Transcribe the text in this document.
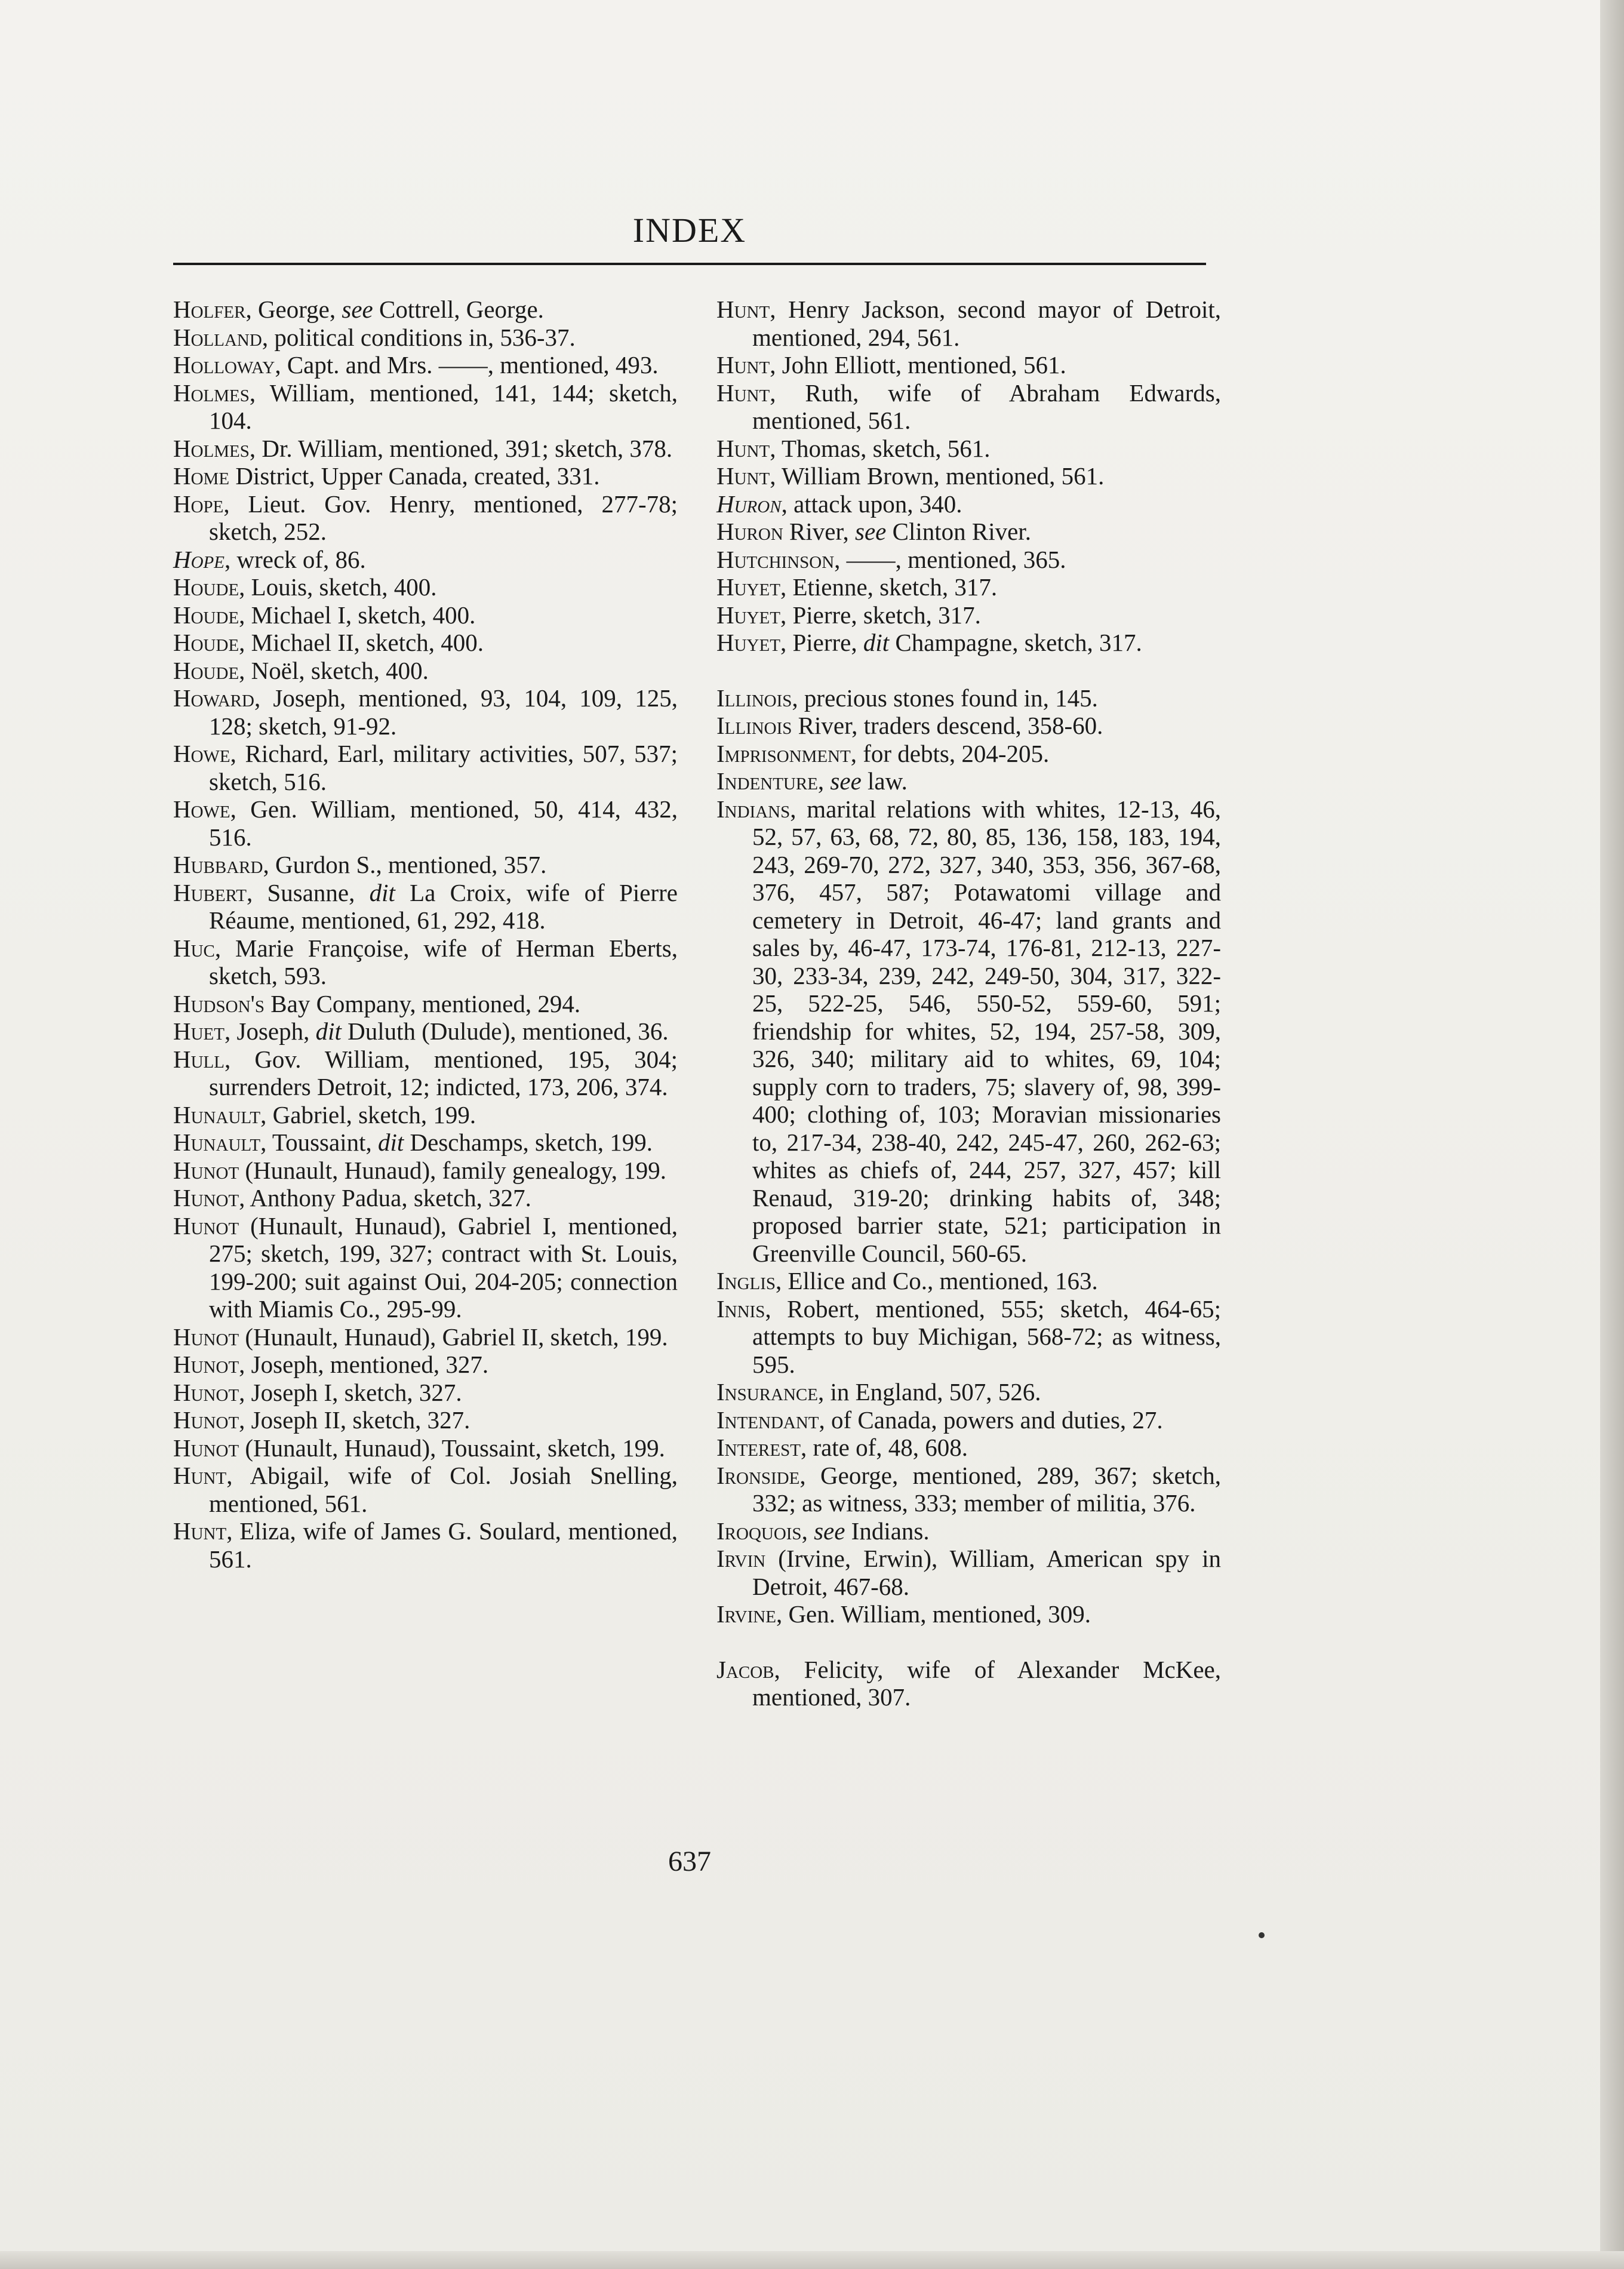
INDEX

Holfer, George, see Cottrell, George.

Holland, political conditions in, 536-37.

Holloway, Capt. and Mrs. ——, mentioned, 493.

Holmes, William, mentioned, 141, 144; sketch, 104.

Holmes, Dr. William, mentioned, 391; sketch, 378.

Home District, Upper Canada, created, 331.

Hope, Lieut. Gov. Henry, mentioned, 277-78; sketch, 252.

Hope, wreck of, 86.

Houde, Louis, sketch, 400.

Houde, Michael I, sketch, 400.

Houde, Michael II, sketch, 400.

Houde, Noël, sketch, 400.

Howard, Joseph, mentioned, 93, 104, 109, 125, 128; sketch, 91-92.

Howe, Richard, Earl, military activities, 507, 537; sketch, 516.

Howe, Gen. William, mentioned, 50, 414, 432, 516.

Hubbard, Gurdon S., mentioned, 357.

Hubert, Susanne, dit La Croix, wife of Pierre Réaume, mentioned, 61, 292, 418.

Huc, Marie Françoise, wife of Herman Eberts, sketch, 593.

Hudson's Bay Company, mentioned, 294.

Huet, Joseph, dit Duluth (Dulude), mentioned, 36.

Hull, Gov. William, mentioned, 195, 304; surrenders Detroit, 12; indicted, 173, 206, 374.

Hunault, Gabriel, sketch, 199.

Hunault, Toussaint, dit Deschamps, sketch, 199.

Hunot (Hunault, Hunaud), family genealogy, 199.

Hunot, Anthony Padua, sketch, 327.

Hunot (Hunault, Hunaud), Gabriel I, mentioned, 275; sketch, 199, 327; contract with St. Louis, 199-200; suit against Oui, 204-205; connection with Miamis Co., 295-99.

Hunot (Hunault, Hunaud), Gabriel II, sketch, 199.

Hunot, Joseph, mentioned, 327.

Hunot, Joseph I, sketch, 327.

Hunot, Joseph II, sketch, 327.

Hunot (Hunault, Hunaud), Toussaint, sketch, 199.

Hunt, Abigail, wife of Col. Josiah Snelling, mentioned, 561.

Hunt, Eliza, wife of James G. Soulard, mentioned, 561.

Hunt, Henry Jackson, second mayor of Detroit, mentioned, 294, 561.

Hunt, John Elliott, mentioned, 561.

Hunt, Ruth, wife of Abraham Edwards, mentioned, 561.

Hunt, Thomas, sketch, 561.

Hunt, William Brown, mentioned, 561.

Huron, attack upon, 340.

Huron River, see Clinton River.

Hutchinson, ——, mentioned, 365.

Huyet, Etienne, sketch, 317.

Huyet, Pierre, sketch, 317.

Huyet, Pierre, dit Champagne, sketch, 317.

Illinois, precious stones found in, 145.

Illinois River, traders descend, 358-60.

Imprisonment, for debts, 204-205.

Indenture, see law.

Indians, marital relations with whites, 12-13, 46, 52, 57, 63, 68, 72, 80, 85, 136, 158, 183, 194, 243, 269-70, 272, 327, 340, 353, 356, 367-68, 376, 457, 587; Potawatomi village and cemetery in Detroit, 46-47; land grants and sales by, 46-47, 173-74, 176-81, 212-13, 227-30, 233-34, 239, 242, 249-50, 304, 317, 322-25, 522-25, 546, 550-52, 559-60, 591; friendship for whites, 52, 194, 257-58, 309, 326, 340; military aid to whites, 69, 104; supply corn to traders, 75; slavery of, 98, 399-400; clothing of, 103; Moravian missionaries to, 217-34, 238-40, 242, 245-47, 260, 262-63; whites as chiefs of, 244, 257, 327, 457; kill Renaud, 319-20; drinking habits of, 348; proposed barrier state, 521; participation in Greenville Council, 560-65.

Inglis, Ellice and Co., mentioned, 163.

Innis, Robert, mentioned, 555; sketch, 464-65; attempts to buy Michigan, 568-72; as witness, 595.

Insurance, in England, 507, 526.

Intendant, of Canada, powers and duties, 27.

Interest, rate of, 48, 608.

Ironside, George, mentioned, 289, 367; sketch, 332; as witness, 333; member of militia, 376.

Iroquois, see Indians.

Irvin (Irvine, Erwin), William, American spy in Detroit, 467-68.

Irvine, Gen. William, mentioned, 309.

Jacob, Felicity, wife of Alexander McKee, mentioned, 307.

637
